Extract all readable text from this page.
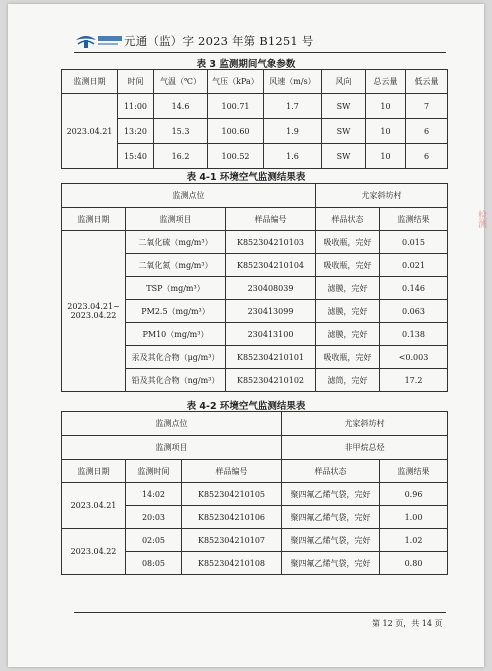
元通（监）字 2023 年第 B1251 号
检测
表 3 监测期间气象参数
监测日期	时间	气温（℃）	气压（kPa）	风速（m/s）	风向	总云量	低云量
2023.04.21	11:00	14.6	100.71	1.7	SW	10	7
	13:20	15.3	100.60	1.9	SW	10	6
	15:40	16.2	100.52	1.6	SW	10	6
表 4-1 环境空气监测结果表
监测点位			尤家斜坊村	
监测日期	监测项目	样品编号	样品状态	监测结果
2023.04.21~ 2023.04.22	二氧化硫（mg/m³）	K852304210103	吸收瓶，完好	0.015
	二氧化氮（mg/m³）	K852304210104	吸收瓶，完好	0.021
	TSP（mg/m³）	230408039	滤膜，完好	0.146
	PM2.5（mg/m³）	230413099	滤膜，完好	0.063
	PM10（mg/m³）	230413100	滤膜，完好	0.138
	汞及其化合物（μg/m³）	K852304210101	吸收瓶，完好	<0.003
	铅及其化合物（ng/m³）	K852304210102	滤筒，完好	17.2
表 4-2 环境空气监测结果表
监测点位			尤家斜坊村	
监测项目			非甲烷总烃	
监测日期	监测时间	样品编号	样品状态	监测结果
2023.04.21	14:02	K852304210105	聚四氟乙烯气袋，完好	0.96
	20:03	K852304210106	聚四氟乙烯气袋，完好	1.00
2023.04.22	02:05	K852304210107	聚四氟乙烯气袋，完好	1.02
	08:05	K852304210108	聚四氟乙烯气袋，完好	0.80
第 12 页，共 14 页
